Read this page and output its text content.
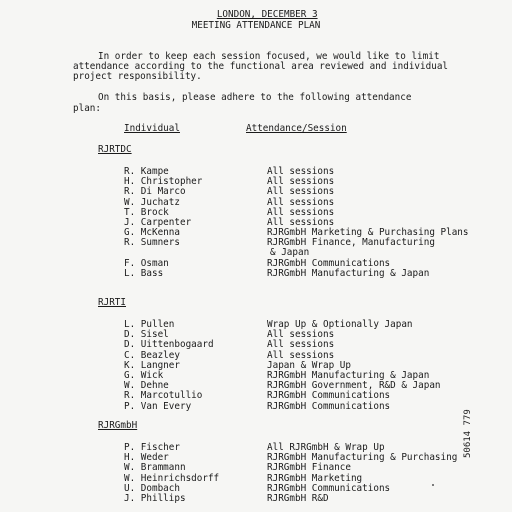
LONDON, DECEMBER 3

MEETING ATTENDANCE PLAN
In order to keep each session focused, we would like to limit
attendance according to the functional area reviewed and individual
project responsibility.
On this basis, please adhere to the following attendance
plan:
Individual	Attendance/Session
RJRTDC
R. Kampe	All sessions
H. Christopher	All sessions
R. Di Marco	All sessions
W. Juchatz	All sessions
T. Brock	All sessions
J. Carpenter	All sessions
G. McKenna	RJRGmbH Marketing & Purchasing Plans
R. Sumners	RJRGmbH Finance, Manufacturing
& Japan
F. Osman	RJRGmbH Communications
L. Bass	RJRGmbH Manufacturing & Japan
RJRTI
L. Pullen	Wrap Up & Optionally Japan
D. Sisel	All sessions
D. Uittenbogaard	All sessions
C. Beazley	All sessions
K. Langner	Japan & Wrap Up
G. Wick	RJRGmbH Manufacturing & Japan
W. Dehne	RJRGmbH Government, R&D & Japan
R. Marcotullio	RJRGmbH Communications
P. Van Every	RJRGmbH Communications
RJRGmbH
P. Fischer	All RJRGmbH & Wrap Up
H. Weder	RJRGmbH Manufacturing & Purchasing
W. Brammann	RJRGmbH Finance
W. Heinrichsdorff	RJRGmbH Marketing
U. Dombach	RJRGmbH Communications
J. Phillips	RJRGmbH R&D
50614 779
